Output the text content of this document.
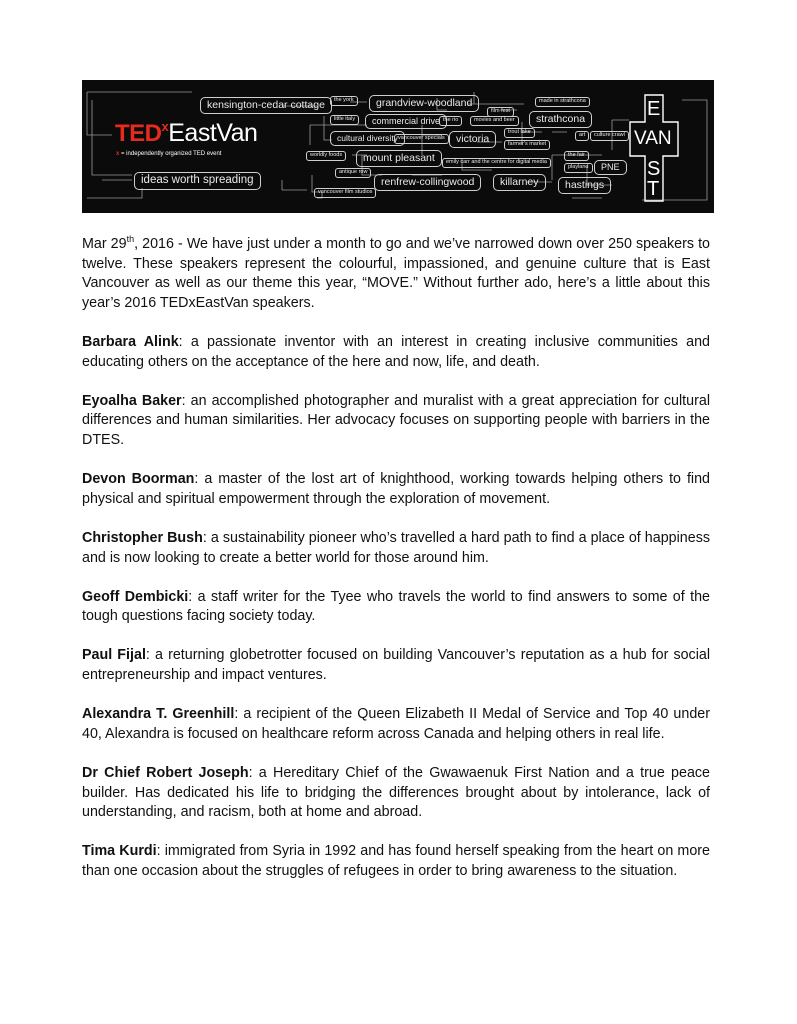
kensington-cedar cottage	the york	grandview-woodland	made in strathcona
film fest
little italy	commercial drive the rio	movies and beer	strathcona
cultural diversity vancouver specials	victoria
trout lake	art	culture crawl
farmer's market
worldly foods	mount pleasant	emily carr and the centre for digital media
the fair
playland	PNE
antique row
renfrew-collingwood	killarney	hastings
vancouver film studios
TED$^x$EastVan
x = independently organized TED event
ideas worth spreading
E
VAN
S
T

Mar 29th, 2016 - We have just under a month to go and we’ve narrowed down over 250 speakers to twelve. These speakers represent the colourful, impassioned, and genuine culture that is East Vancouver as well as our theme this year, “MOVE.” Without further ado, here’s a little about this year’s 2016 TEDxEastVan speakers.

Barbara Alink: a passionate inventor with an interest in creating inclusive communities and educating others on the acceptance of the here and now, life, and death.

Eyoalha Baker: an accomplished photographer and muralist with a great appreciation for cultural differences and human similarities. Her advocacy focuses on supporting people with barriers in the DTES.

Devon Boorman: a master of the lost art of knighthood, working towards helping others to find physical and spiritual empowerment through the exploration of movement.

Christopher Bush: a sustainability pioneer who’s travelled a hard path to find a place of happiness and is now looking to create a better world for those around him.

Geoff Dembicki: a staff writer for the Tyee who travels the world to find answers to some of the tough questions facing society today.

Paul Fijal: a returning globetrotter focused on building Vancouver’s reputation as a hub for social entrepreneurship and impact ventures.

Alexandra T. Greenhill: a recipient of the Queen Elizabeth II Medal of Service and Top 40 under 40, Alexandra is focused on healthcare reform across Canada and helping others in real life.

Dr Chief Robert Joseph: a Hereditary Chief of the Gwawaenuk First Nation and a true peace builder. Has dedicated his life to bridging the differences brought about by intolerance, lack of understanding, and racism, both at home and abroad.

Tima Kurdi: immigrated from Syria in 1992 and has found herself speaking from the heart on more than one occasion about the struggles of refugees in order to bring awareness to the situation.
